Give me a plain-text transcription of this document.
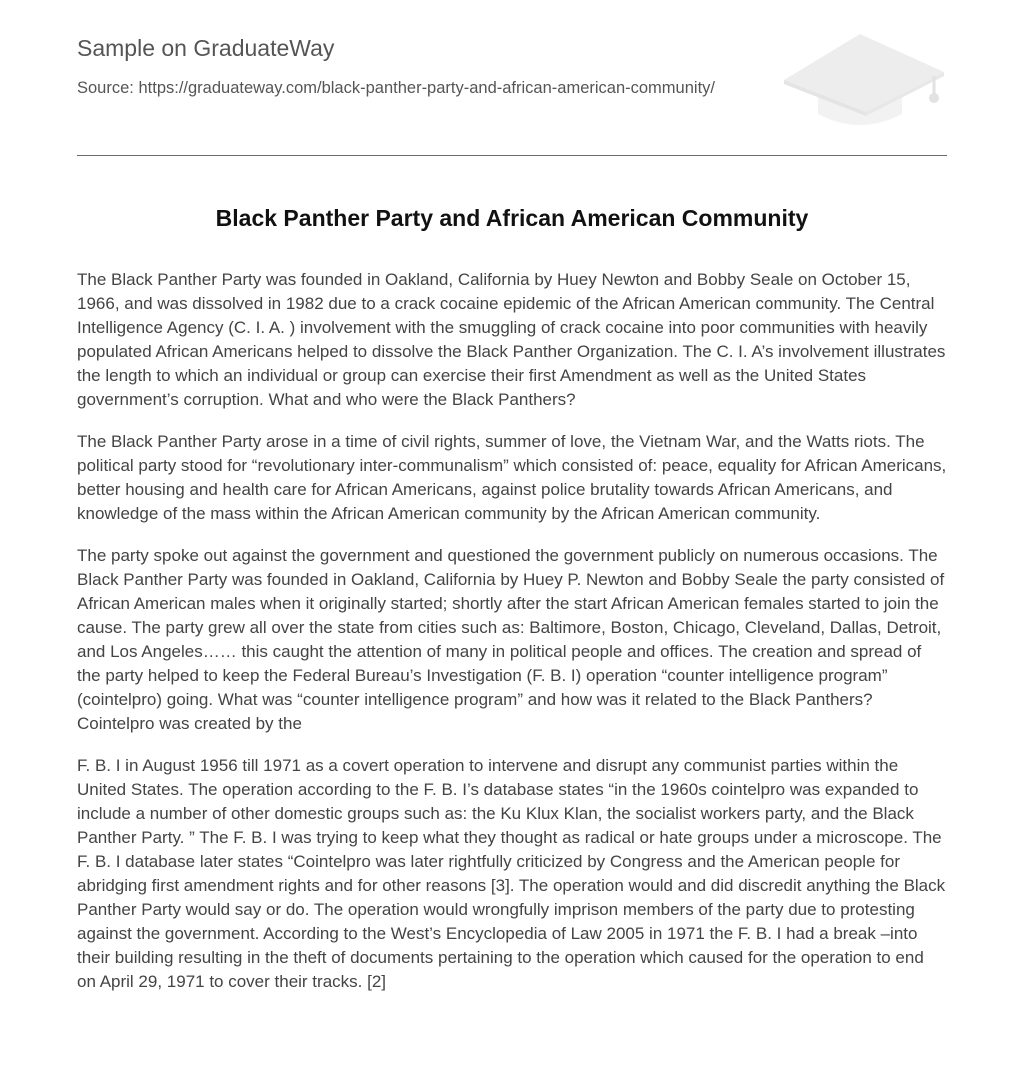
Sample on GraduateWay
Source: https://graduateway.com/black-panther-party-and-african-american-community/
Black Panther Party and African American Community

The Black Panther Party was founded in Oakland, California by Huey Newton and Bobby Seale on October 15, 1966, and was dissolved in 1982 due to a crack cocaine epidemic of the African American community. The Central Intelligence Agency (C. I. A. ) involvement with the smuggling of crack cocaine into poor communities with heavily populated African Americans helped to dissolve the Black Panther Organization. The C. I. A’s involvement illustrates the length to which an individual or group can exercise their first Amendment as well as the United States government’s corruption. What and who were the Black Panthers?

The Black Panther Party arose in a time of civil rights, summer of love, the Vietnam War, and the Watts riots. The political party stood for “revolutionary inter-communalism” which consisted of: peace, equality for African Americans, better housing and health care for African Americans, against police brutality towards African Americans, and knowledge of the mass within the African American community by the African American community.

The party spoke out against the government and questioned the government publicly on numerous occasions. The Black Panther Party was founded in Oakland, California by Huey P. Newton and Bobby Seale the party consisted of African American males when it originally started; shortly after the start African American females started to join the cause. The party grew all over the state from cities such as: Baltimore, Boston, Chicago, Cleveland, Dallas, Detroit, and Los Angeles…… this caught the attention of many in political people and offices. The creation and spread of the party helped to keep the Federal Bureau’s Investigation (F. B. I) operation “counter intelligence program” (cointelpro) going. What was “counter intelligence program” and how was it related to the Black Panthers? Cointelpro was created by the

F. B. I in August 1956 till 1971 as a covert operation to intervene and disrupt any communist parties within the United States. The operation according to the F. B. I’s database states “in the 1960s cointelpro was expanded to include a number of other domestic groups such as: the Ku Klux Klan, the socialist workers party, and the Black Panther Party. ” The F. B. I was trying to keep what they thought as radical or hate groups under a microscope. The F. B. I database later states “Cointelpro was later rightfully criticized by Congress and the American people for abridging first amendment rights and for other reasons [3]. The operation would and did discredit anything the Black Panther Party would say or do. The operation would wrongfully imprison members of the party due to protesting against the government. According to the West’s Encyclopedia of Law 2005 in 1971 the F. B. I had a break –into their building resulting in the theft of documents pertaining to the operation which caused for the operation to end on April 29, 1971 to cover their tracks. [2]
